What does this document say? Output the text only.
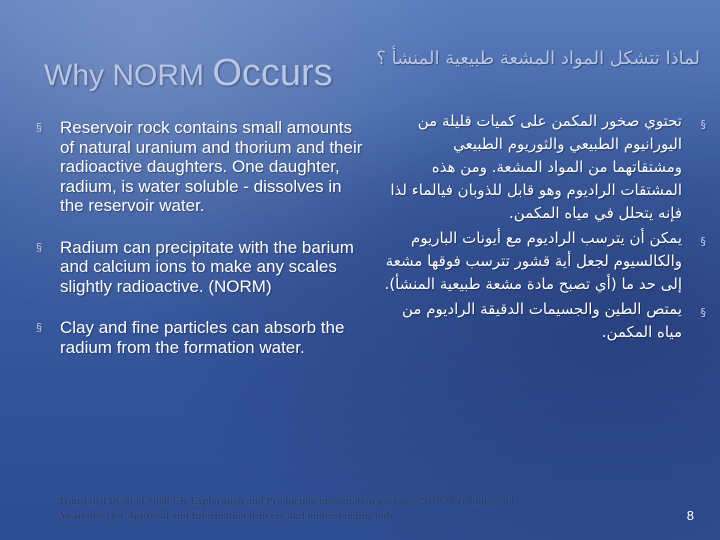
Why NORM Occurs	لماذا تتشكل المواد المشعة طبيعية المنشأ ؟
§ Reservoir rock contains small amounts of natural uranium and thorium and their radioactive daughters. One daughter, radium, is water soluble - dissolves in the reservoir water.
§ Radium can precipitate with the barium and calcium ions to make any scales slightly radioactive. (NORM)
§ Clay and fine particles can absorb the radium from the formation water.
§
تحتوي صخور المكمن على كميات قليلة من اليورانيوم الطبيعي والثوريوم الطبيعي ومشتقاتهما من المواد المشعة. ومن هذه المشتقات الراديوم وهو قابل للذوبان فيالماء لذا فإنه يتحلل في مياه المكمن.
§
يمكن أن يترسب الراديوم مع أيونات الباريوم والكالسيوم لجعل أية قشور تترسب فوقها مشعة إلى حد ما (أي تصبح مادة مشعة طبيعية المنشأ).
§
يمتص الطين والجسيمات الدقيقة الراديوم من مياه المكمن.
Translated Draft of Shell UK Exploration and Production presentation package (NORM Training and Awareness) for Approval and Information delivery and understanding only	8
